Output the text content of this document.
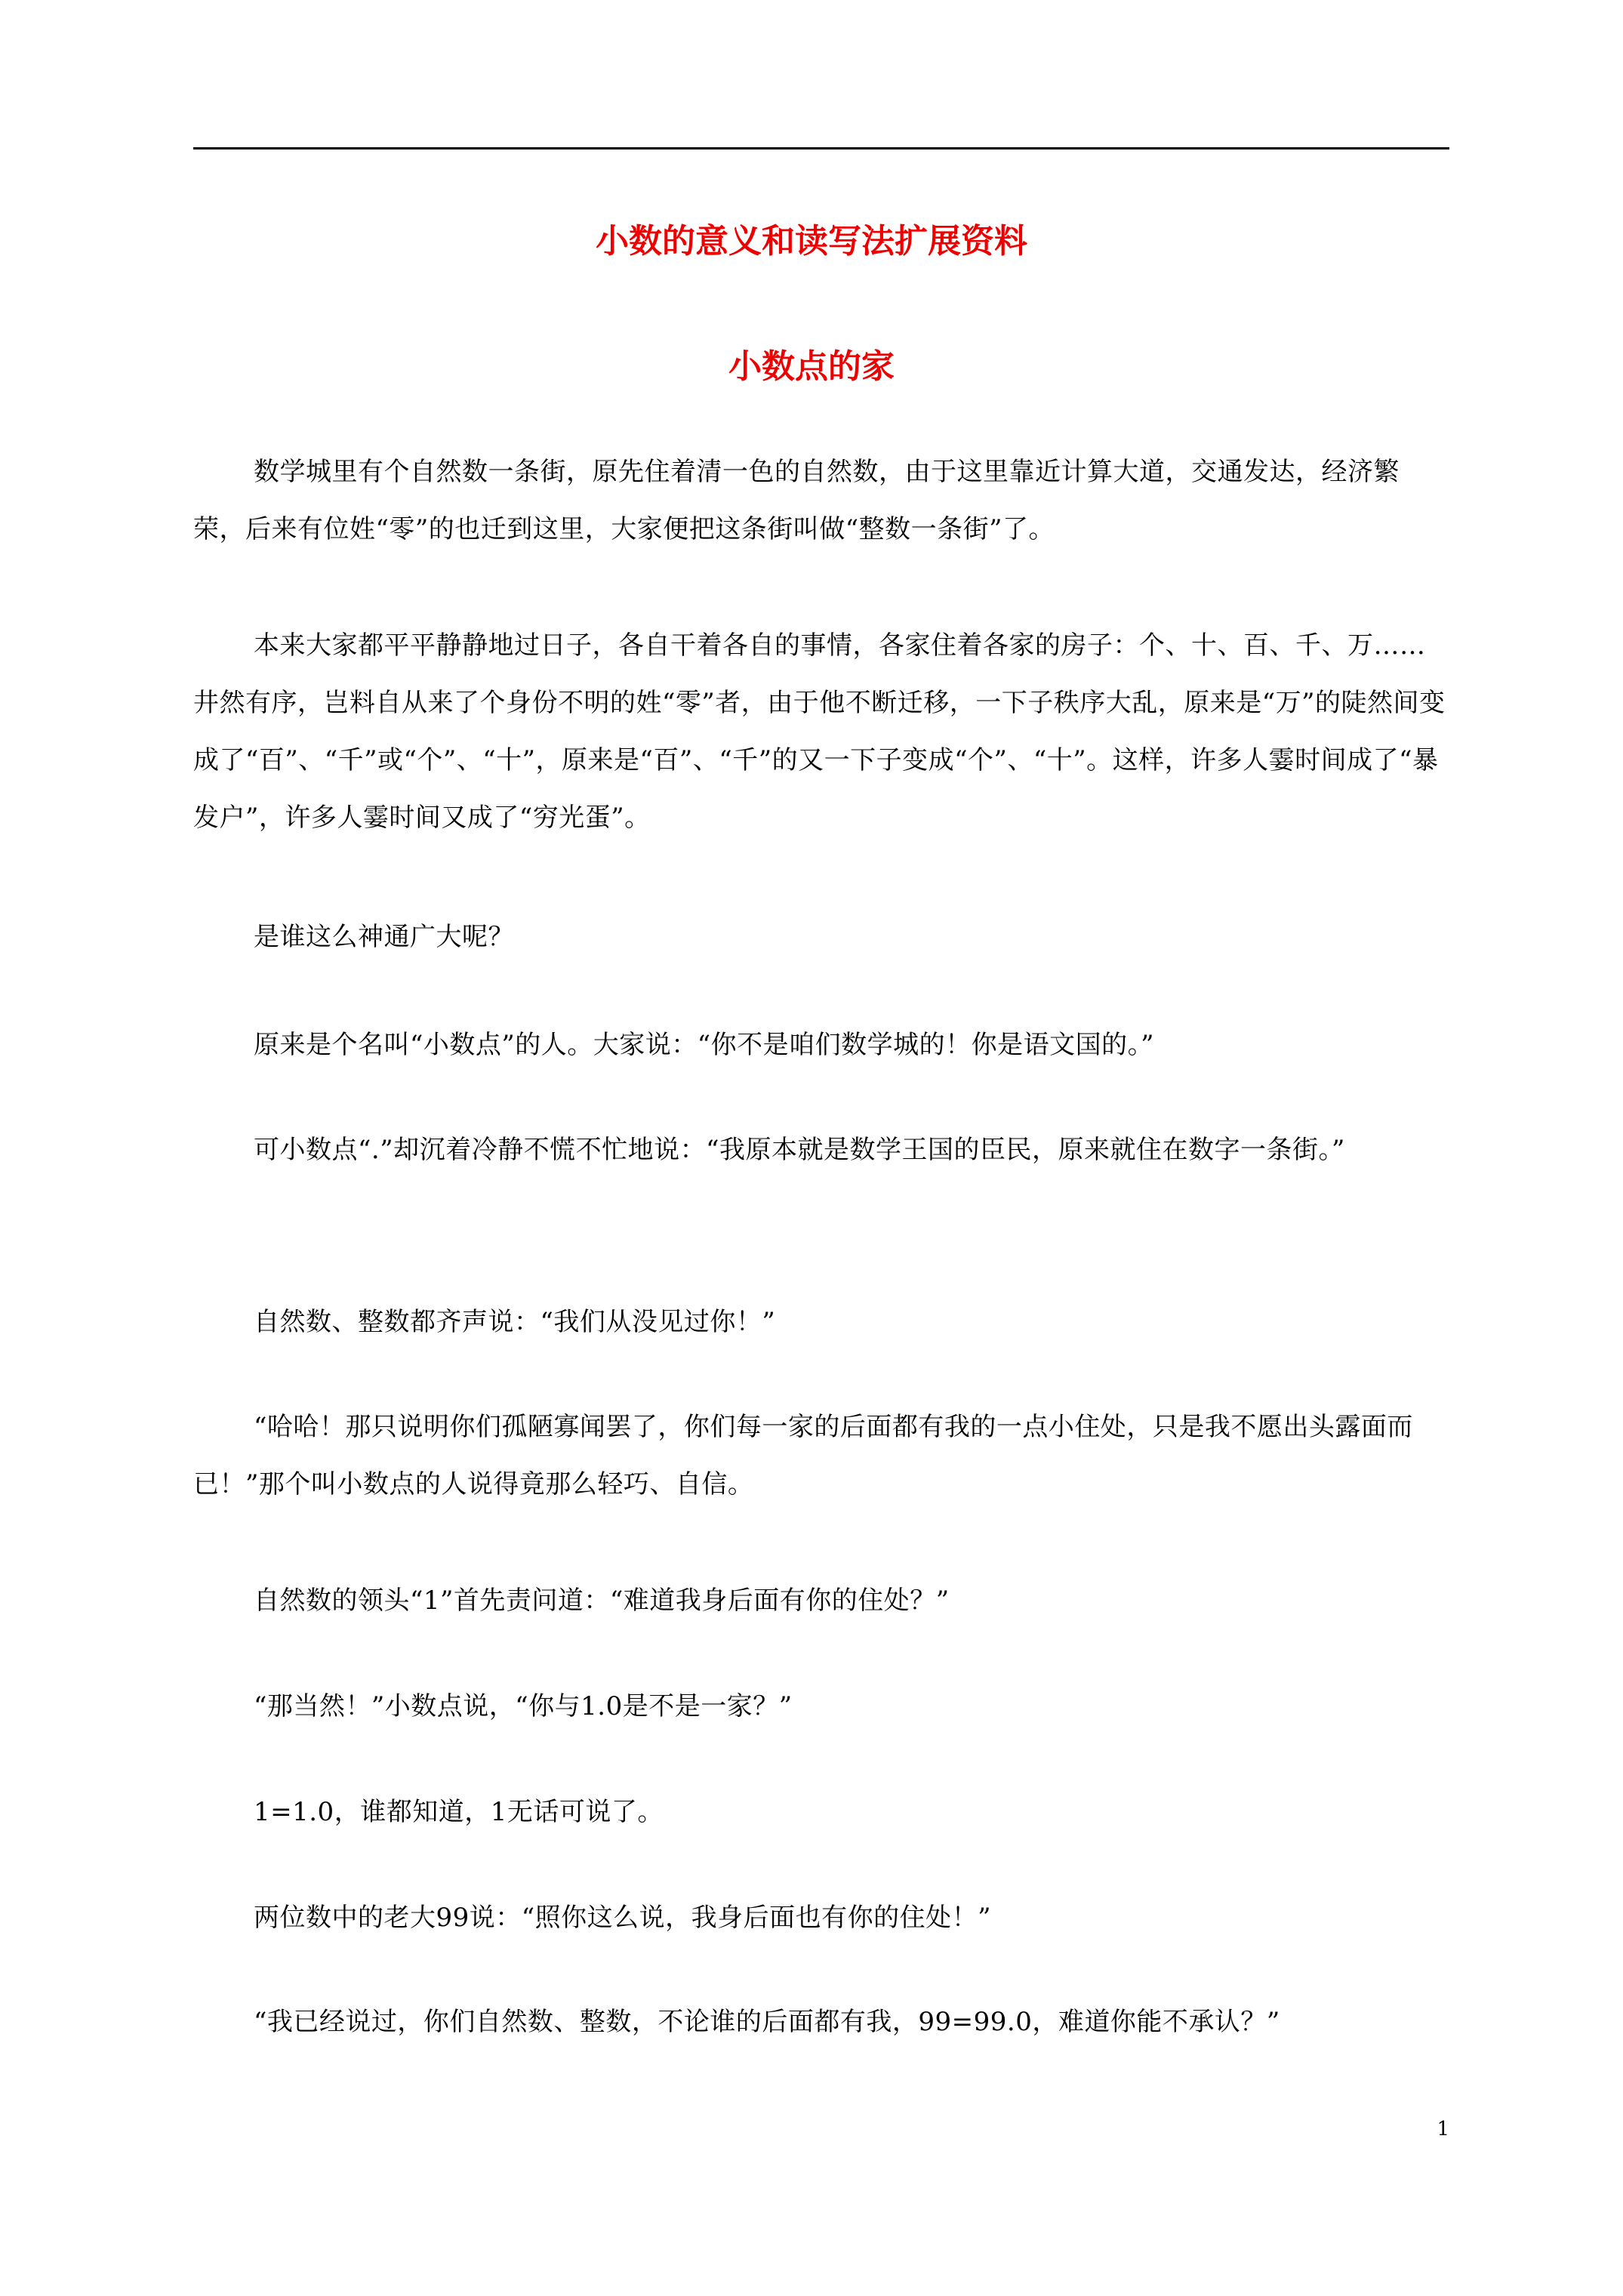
小数的意义和读写法扩展资料
小数点的家

数学城里有个自然数一条街，原先住着清一色的自然数，由于这里靠近计算大道，交通发达，经济繁荣，后来有位姓“零”的也迁到这里，大家便把这条街叫做“整数一条街”了。

本来大家都平平静静地过日子，各自干着各自的事情，各家住着各家的房子：个、十、百、千、万……井然有序，岂料自从来了个身份不明的姓“零”者，由于他不断迁移，一下子秩序大乱，原来是“万”的陡然间变成了“百”、“千”或“个”、“十”，原来是“百”、“千”的又一下子变成“个”、“十”。这样，许多人霎时间成了“暴发户”，许多人霎时间又成了“穷光蛋”。

是谁这么神通广大呢？

原来是个名叫“小数点”的人。大家说：“你不是咱们数学城的！你是语文国的。”

可小数点“.”却沉着冷静不慌不忙地说：“我原本就是数学王国的臣民，原来就住在数字一条街。”

自然数、整数都齐声说：“我们从没见过你！”

“哈哈！那只说明你们孤陋寡闻罢了，你们每一家的后面都有我的一点小住处，只是我不愿出头露面而已！”那个叫小数点的人说得竟那么轻巧、自信。

自然数的领头“1”首先责问道：“难道我身后面有你的住处？”

“那当然！”小数点说，“你与1.0是不是一家？”

1=1.0，谁都知道，1无话可说了。

两位数中的老大99说：“照你这么说，我身后面也有你的住处！”

“我已经说过，你们自然数、整数，不论谁的后面都有我，99=99.0，难道你能不承认？”

1
